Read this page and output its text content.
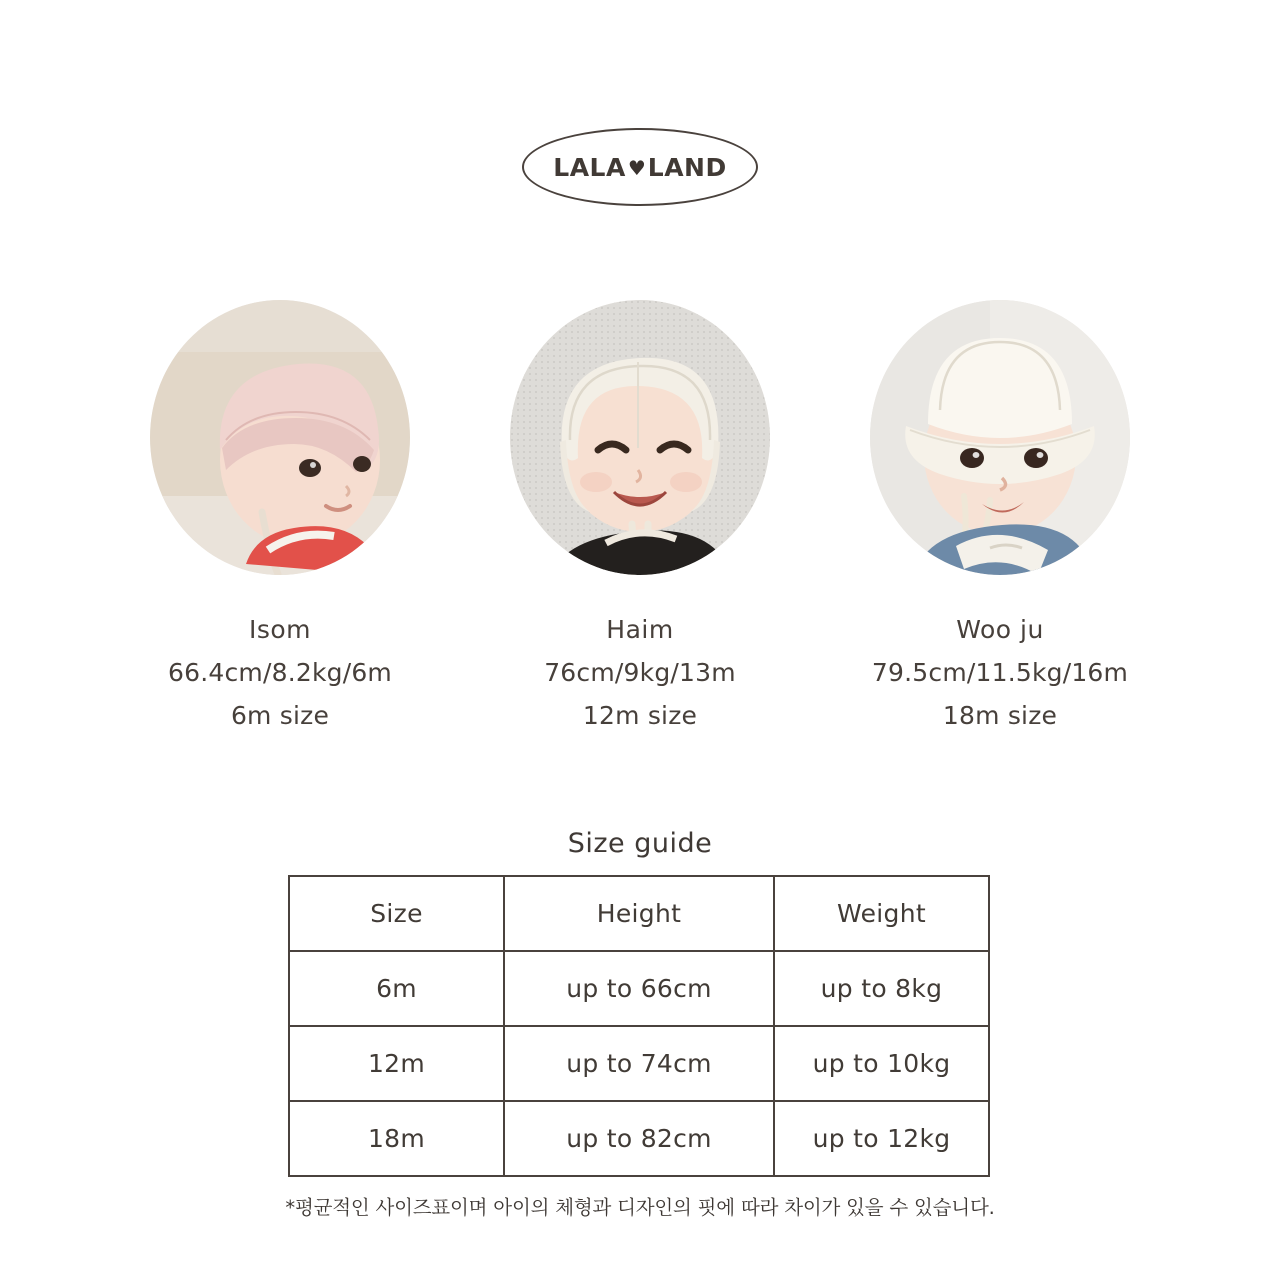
LALA ♥ LAND
Isom
66.4cm/8.2kg/6m
6m size
Haim
76cm/9kg/13m
12m size
Woo ju
79.5cm/11.5kg/16m
18m size
Size guide
Size	Height	Weight
6m	up to 66cm	up to 8kg
12m	up to 74cm	up to 10kg
18m	up to 82cm	up to 12kg
*평균적인 사이즈표이며 아이의 체형과 디자인의 핏에 따라 차이가 있을 수 있습니다.
